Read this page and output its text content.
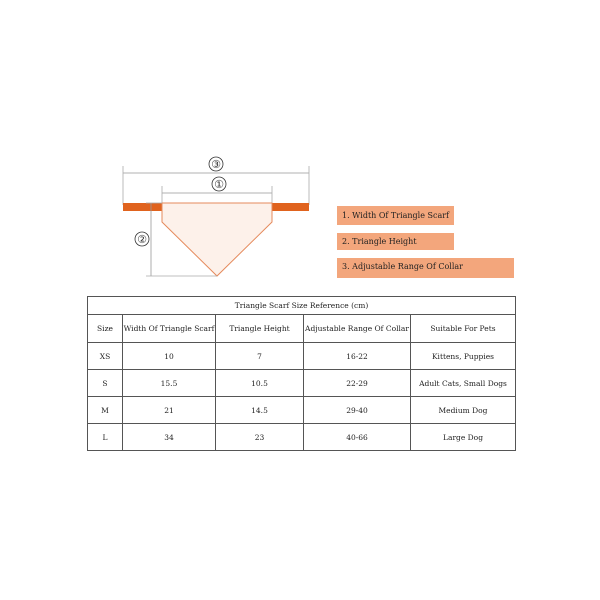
③
①
②
1. Width Of Triangle Scarf
2. Triangle Height
3. Adjustable Range Of Collar
Triangle Scarf Size Reference (cm)				
Size	Width Of Triangle Scarf	Triangle Height	Adjustable Range Of Collar	Suitable For Pets
XS	10	7	16-22	Kittens, Puppies
S	15.5	10.5	22-29	Adult Cats, Small Dogs
M	21	14.5	29-40	Medium Dog
L	34	23	40-66	Large Dog
